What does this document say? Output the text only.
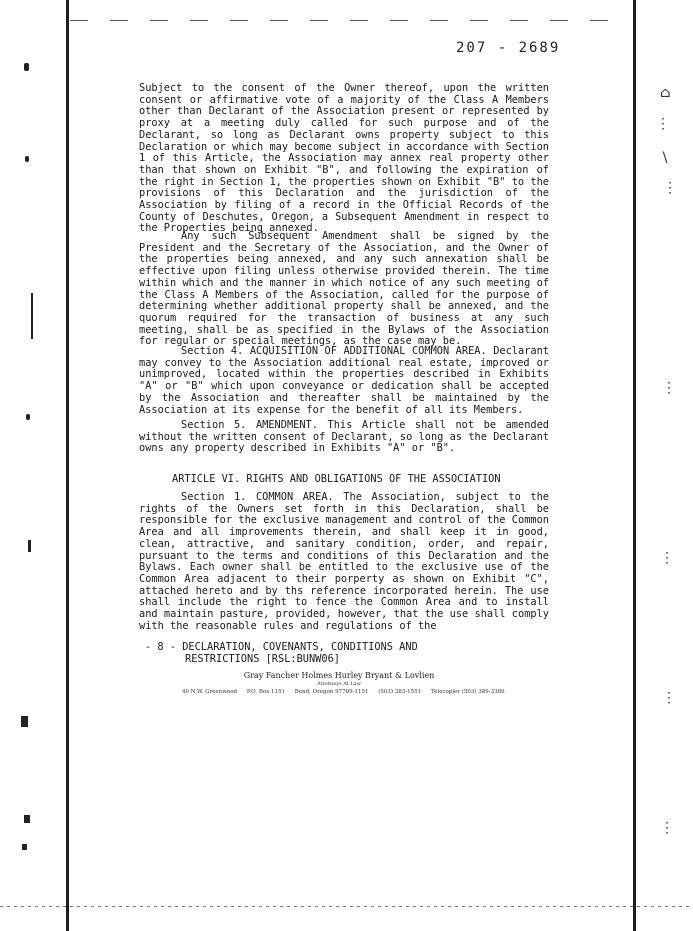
⌂
⋮
∖
⋮
⋮
⋮
⋮
⋮
207 - 2689
Subject to the consent of the Owner thereof, upon the written consent or affirmative vote of a majority of the Class A Members other than Declarant of the Association present or represented by proxy at a meeting duly called for such purpose and of the Declarant, so long as Declarant owns property subject to this Declaration or which may become subject in accordance with Section 1 of this Article, the Association may annex real property other than that shown on Exhibit "B", and following the expiration of the right in Section 1, the properties shown on Exhibit "B" to the provisions of this Declaration and the jurisdiction of the Association by filing of a record in the Official Records of the County of Deschutes, Oregon, a Subsequent Amendment in respect to the Properties being annexed.
Any such Subsequent Amendment shall be signed by the President and the Secretary of the Association, and the Owner of the properties being annexed, and any such annexation shall be effective upon filing unless otherwise provided therein. The time within which and the manner in which notice of any such meeting of the Class A Members of the Association, called for the purpose of determining whether additional property shall be annexed, and the quorum required for the transaction of business at any such meeting, shall be as specified in the Bylaws of the Association for regular or special meetings, as the case may be.
Section 4. ACQUISITION OF ADDITIONAL COMMON AREA. Declarant may convey to the Association additional real estate, improved or unimproved, located within the properties described in Exhibits "A" or "B" which upon conveyance or dedication shall be accepted by the Association and thereafter shall be maintained by the Association at its expense for the benefit of all its Members.
Section 5. AMENDMENT. This Article shall not be amended without the written consent of Declarant, so long as the Declarant owns any property described in Exhibits "A" or "B".
ARTICLE VI. RIGHTS AND OBLIGATIONS OF THE ASSOCIATION
Section 1. COMMON AREA. The Association, subject to the rights of the Owners set forth in this Declaration, shall be responsible for the exclusive management and control of the Common Area and all improvements therein, and shall keep it in good, clean, attractive, and sanitary condition, order, and repair, pursuant to the terms and conditions of this Declaration and the Bylaws. Each owner shall be entitled to the exclusive use of the Common Area adjacent to their porperty as shown on Exhibit "C", attached hereto and by ths reference incorporated herein. The use shall include the right to fence the Common Area and to install and maintain pasture, provided, however, that the use shall comply with the reasonable rules and regulations of the
- 8 - DECLARATION, COVENANTS, CONDITIONS AND
RESTRICTIONS [RSL:BUNW06]
Gray Fancher Holmes Hurley Bryant & Lovlien
Attorneys At Law
40 N.W. Greenwood P.O. Box 1151 Bend, Oregon 97709-1151 (503) 383-1551 Telecopier (503) 389-3386
